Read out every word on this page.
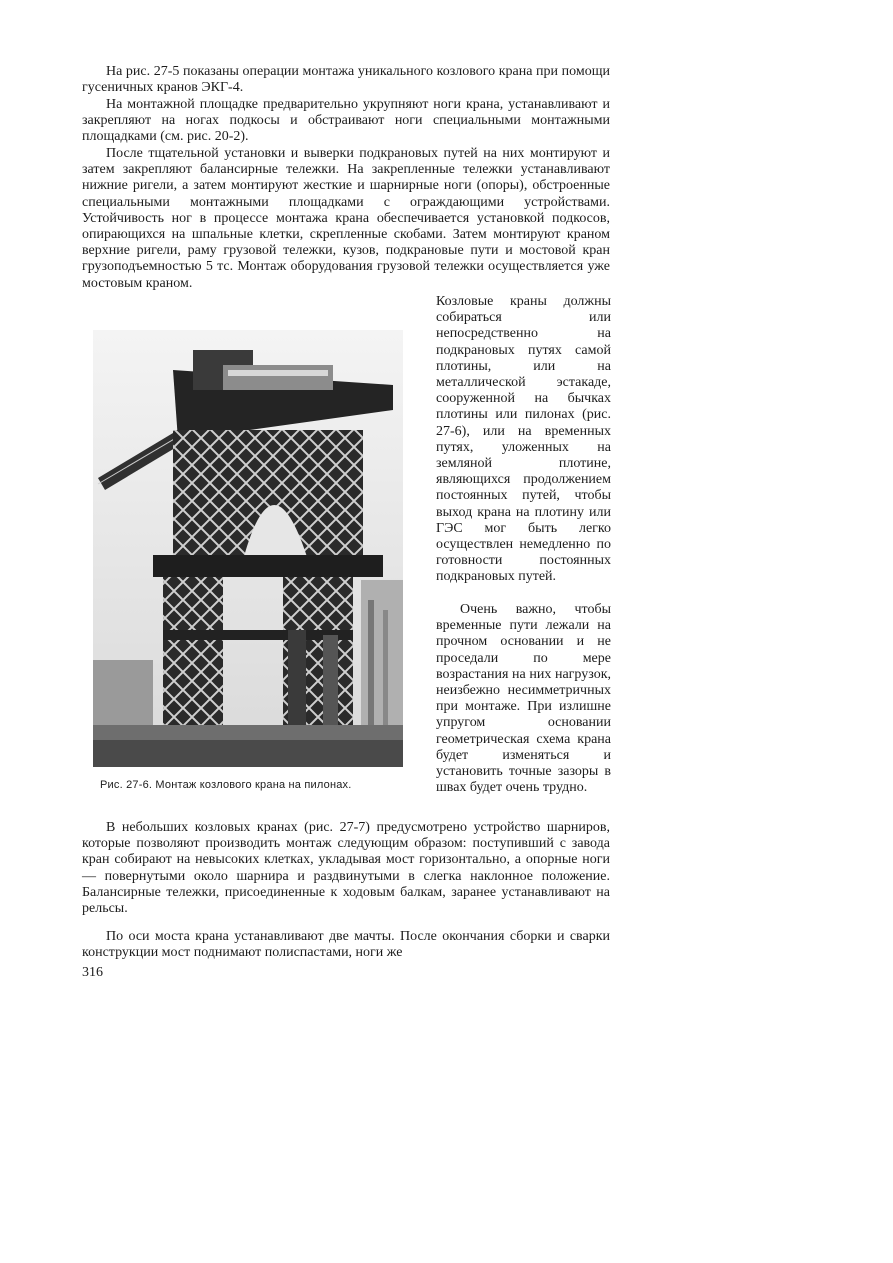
На рис. 27-5 показаны операции монтажа уникального козлового крана при помощи гусеничных кранов ЭКГ-4.

На монтажной площадке предварительно укрупняют ноги крана, устанавливают и закрепляют на ногах подкосы и обстраивают ноги специальными монтажными площадками (см. рис. 20-2).

После тщательной установки и выверки подкрановых путей на них монтируют и затем закрепляют балансирные тележки. На закрепленные тележки устанавливают нижние ригели, а затем монтируют жесткие и шарнирные ноги (опоры), обстроенные специальными монтажными площадками с ограждающими устройствами. Устойчивость ног в процессе монтажа крана обеспечивается установкой подкосов, опирающихся на шпальные клетки, скрепленные скобами. Затем монтируют краном верхние ригели, раму грузовой тележки, кузов, подкрановые пути и мостовой кран грузоподъемностью 5 тс. Монтаж оборудования грузовой тележки осуществляется уже мостовым краном.

Рис. 27-6. Монтаж козлового крана на пилонах.

Козловые краны должны собираться или непосредственно на подкрановых путях самой плотины, или на металлической эстакаде, сооруженной на бычках плотины или пилонах (рис. 27-6), или на временных путях, уложенных на земляной плотине, являющихся продолжением постоянных путей, чтобы выход крана на плотину или ГЭС мог быть легко осуществлен немедленно по готовности постоянных подкрановых путей.

Очень важно, чтобы временные пути лежали на прочном основании и не проседали по мере возрастания на них нагрузок, неизбежно несимметричных при монтаже. При излишне упругом основании геометрическая схема крана будет изменяться и установить точные зазоры в швах будет очень трудно.

В небольших козловых кранах (рис. 27-7) предусмотрено устройство шарниров, которые позволяют производить монтаж следующим образом: поступивший с завода кран собирают на невысоких клетках, укладывая мост горизонтально, а опорные ноги — повернутыми около шарнира и раздвинутыми в слегка наклонное положение. Балансирные тележки, присоединенные к ходовым балкам, заранее устанавливают на рельсы.

По оси моста крана устанавливают две мачты. После окончания сборки и сварки конструкции мост поднимают полиспастами, ноги же

316
